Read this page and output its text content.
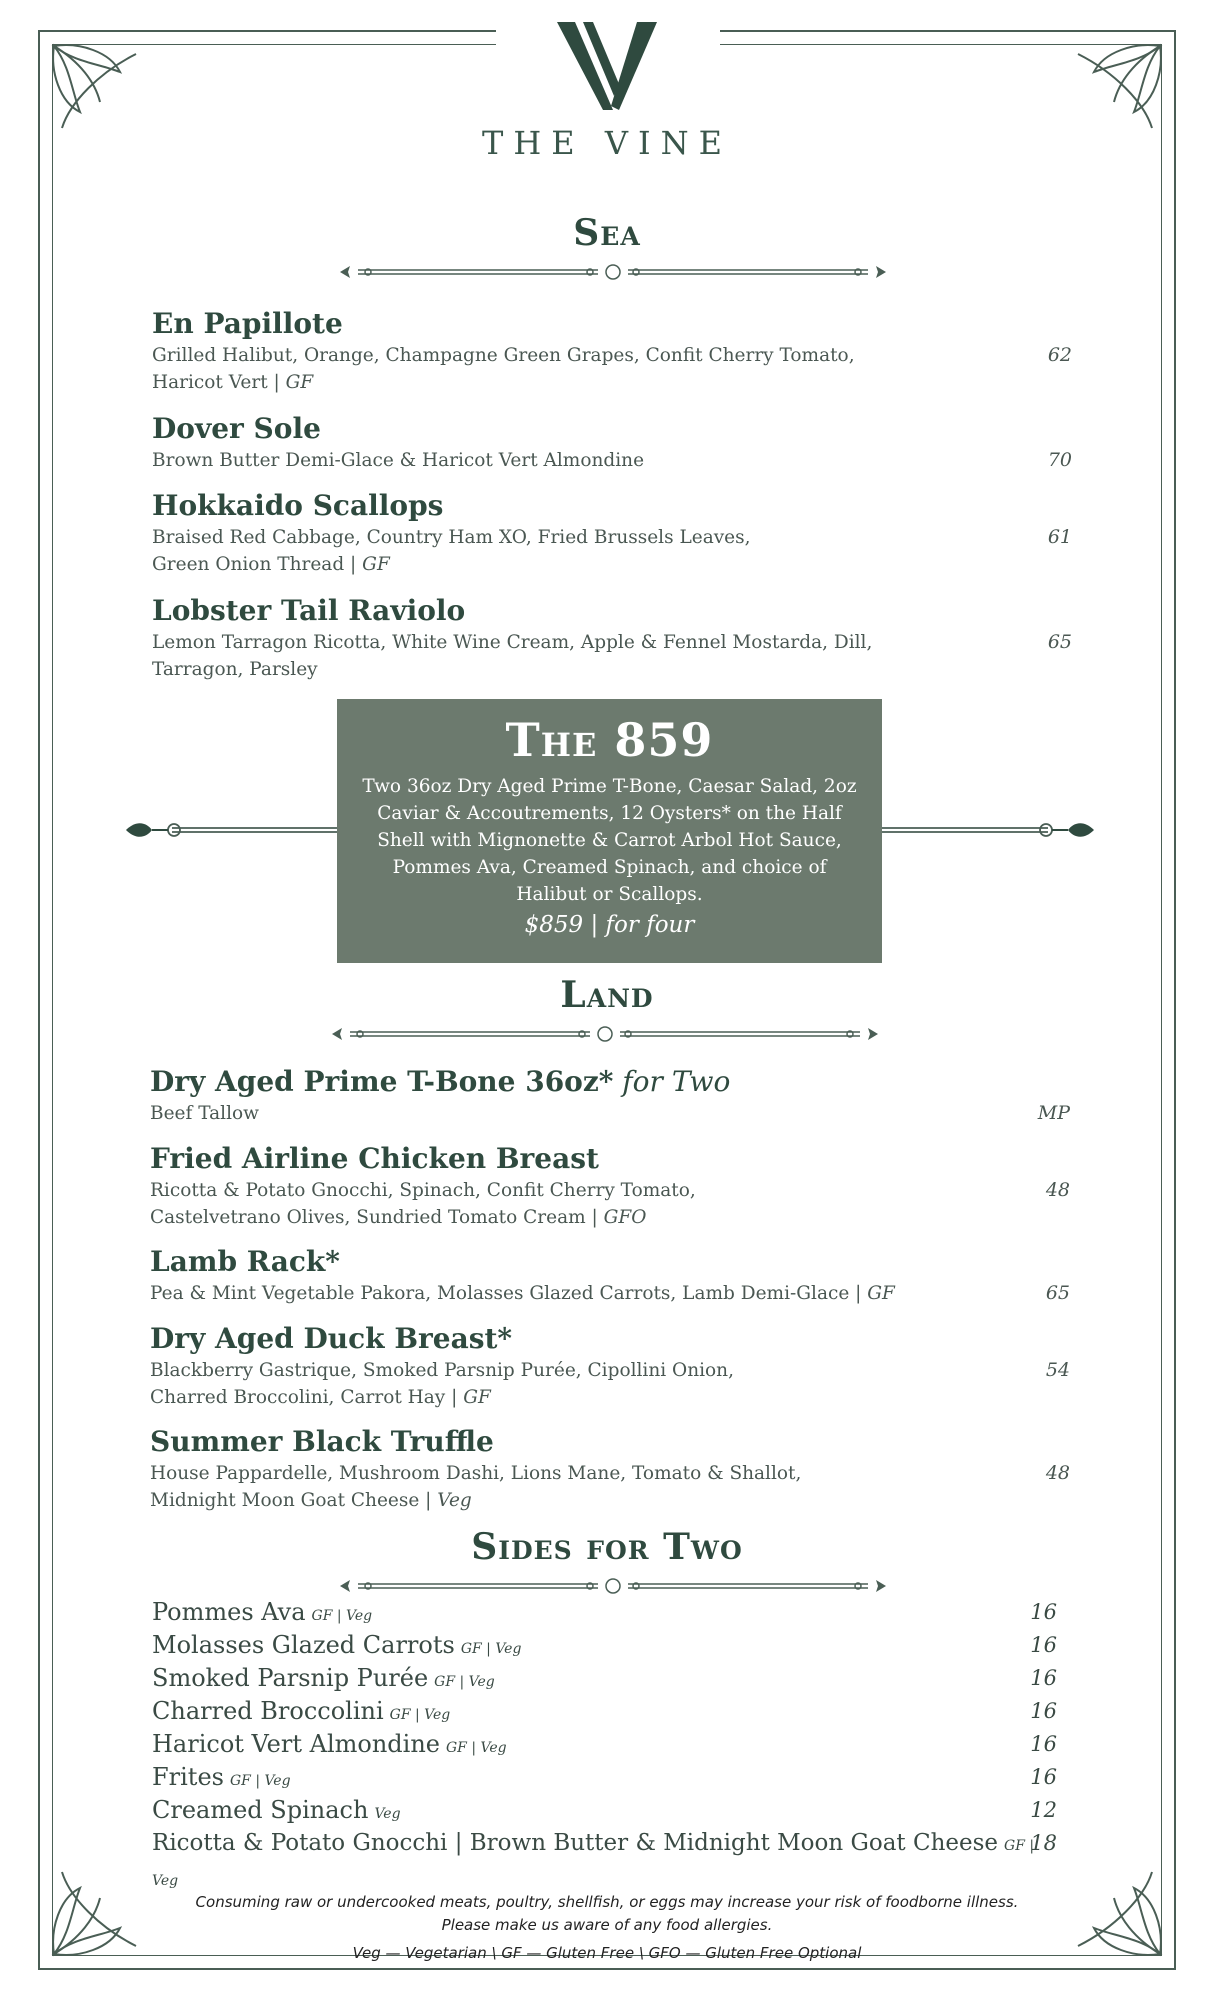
THE VINE
Sea
En Papillote
Grilled Halibut, Orange, Champagne Green Grapes, Confit Cherry Tomato,
Haricot Vert | GF
62
Dover Sole
Brown Butter Demi-Glace & Haricot Vert Almondine	70
Hokkaido Scallops
Braised Red Cabbage, Country Ham XO, Fried Brussels Leaves,
Green Onion Thread | GF
61
Lobster Tail Raviolo
Lemon Tarragon Ricotta, White Wine Cream, Apple & Fennel Mostarda, Dill,
Tarragon, Parsley
65
The 859
Two 36oz Dry Aged Prime T-Bone, Caesar Salad, 2oz Caviar & Accoutrements, 12 Oysters* on the Half Shell with Mignonette & Carrot Arbol Hot Sauce, Pommes Ava, Creamed Spinach, and choice of Halibut or Scallops.
$859 | for four
Land
Dry Aged Prime T-Bone 36oz* for Two
Beef Tallow	MP
Fried Airline Chicken Breast
Ricotta & Potato Gnocchi, Spinach, Confit Cherry Tomato,
Castelvetrano Olives, Sundried Tomato Cream | GFO
48
Lamb Rack*
Pea & Mint Vegetable Pakora, Molasses Glazed Carrots, Lamb Demi-Glace | GF	65
Dry Aged Duck Breast*
Blackberry Gastrique, Smoked Parsnip Purée, Cipollini Onion,
Charred Broccolini, Carrot Hay | GF
54
Summer Black Truffle
House Pappardelle, Mushroom Dashi, Lions Mane, Tomato & Shallot,
Midnight Moon Goat Cheese | Veg
48
Sides for Two
Pommes Ava GF | Veg	16
Molasses Glazed Carrots GF | Veg	16
Smoked Parsnip Purée GF | Veg	16
Charred Broccolini GF | Veg	16
Haricot Vert Almondine GF | Veg	16
Frites GF | Veg	16
Creamed Spinach Veg	12
Ricotta & Potato Gnocchi | Brown Butter & Midnight Moon Goat Cheese GF | Veg
18
Consuming raw or undercooked meats, poultry, shellfish, or eggs may increase your risk of foodborne illness.
Please make us aware of any food allergies.
Veg — Vegetarian \ GF — Gluten Free \ GFO — Gluten Free Optional
